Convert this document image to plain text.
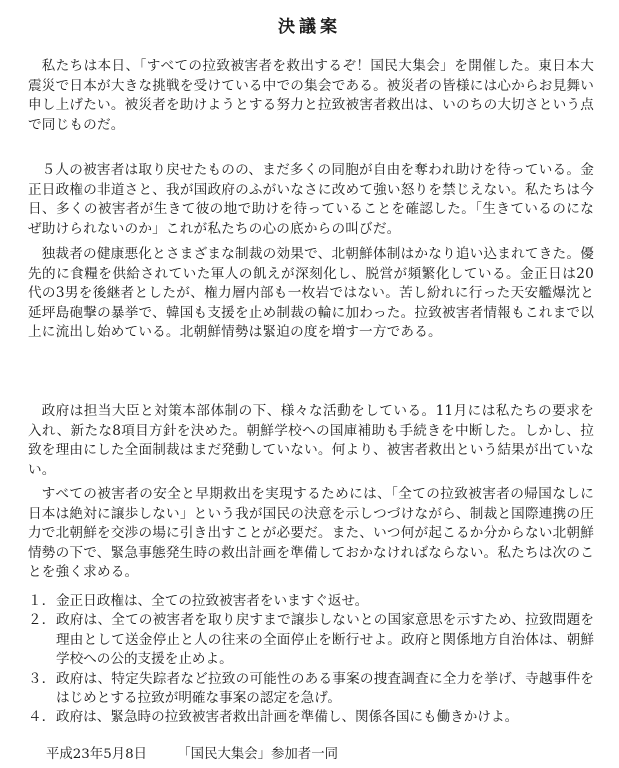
決議案

私たちは本日、「すべての拉致被害者を救出するぞ！国民大集会」を開催した。東日本大震災で日本が大きな挑戦を受けている中での集会である。被災者の皆様には心からお見舞い申し上げたい。被災者を助けようとする努力と拉致被害者救出は、いのちの大切さという点で同じものだ。

５人の被害者は取り戻せたものの、まだ多くの同胞が自由を奪われ助けを待っている。金正日政権の非道さと、我が国政府のふがいなさに改めて強い怒りを禁じえない。私たちは今日、多くの被害者が生きて彼の地で助けを待っていることを確認した。「生きているのになぜ助けられないのか」これが私たちの心の底からの叫びだ。

独裁者の健康悪化とさまざまな制裁の効果で、北朝鮮体制はかなり追い込まれてきた。優先的に食糧を供給されていた軍人の飢えが深刻化し、脱営が頻繁化している。金正日は20代の3男を後継者としたが、権力層内部も一枚岩ではない。苦し紛れに行った天安艦爆沈と延坪島砲撃の暴挙で、韓国も支援を止め制裁の輪に加わった。拉致被害者情報もこれまで以上に流出し始めている。北朝鮮情勢は緊迫の度を増す一方である。

政府は担当大臣と対策本部体制の下、様々な活動をしている。11月には私たちの要求を入れ、新たな8項目方針を決めた。朝鮮学校への国庫補助も手続きを中断した。しかし、拉致を理由にした全面制裁はまだ発動していない。何より、被害者救出という結果が出ていない。

すべての被害者の安全と早期救出を実現するためには、「全ての拉致被害者の帰国なしに日本は絶対に譲歩しない」という我が国民の決意を示しつづけながら、制裁と国際連携の圧力で北朝鮮を交渉の場に引き出すことが必要だ。また、いつ何が起こるか分からない北朝鮮情勢の下で、緊急事態発生時の救出計画を準備しておかなければならない。私たちは次のことを強く求める。

１． 金正日政権は、全ての拉致被害者をいますぐ返せ。
２． 政府は、全ての被害者を取り戻すまで譲歩しないとの国家意思を示すため、拉致問題を理由として送金停止と人の往来の全面停止を断行せよ。政府と関係地方自治体は、朝鮮学校への公的支援を止めよ。
３． 政府は、特定失踪者など拉致の可能性のある事案の捜査調査に全力を挙げ、寺越事件をはじめとする拉致が明確な事案の認定を急げ。
４． 政府は、緊急時の拉致被害者救出計画を準備し、関係各国にも働きかけよ。
平成23年5月8日 「国民大集会」参加者一同
